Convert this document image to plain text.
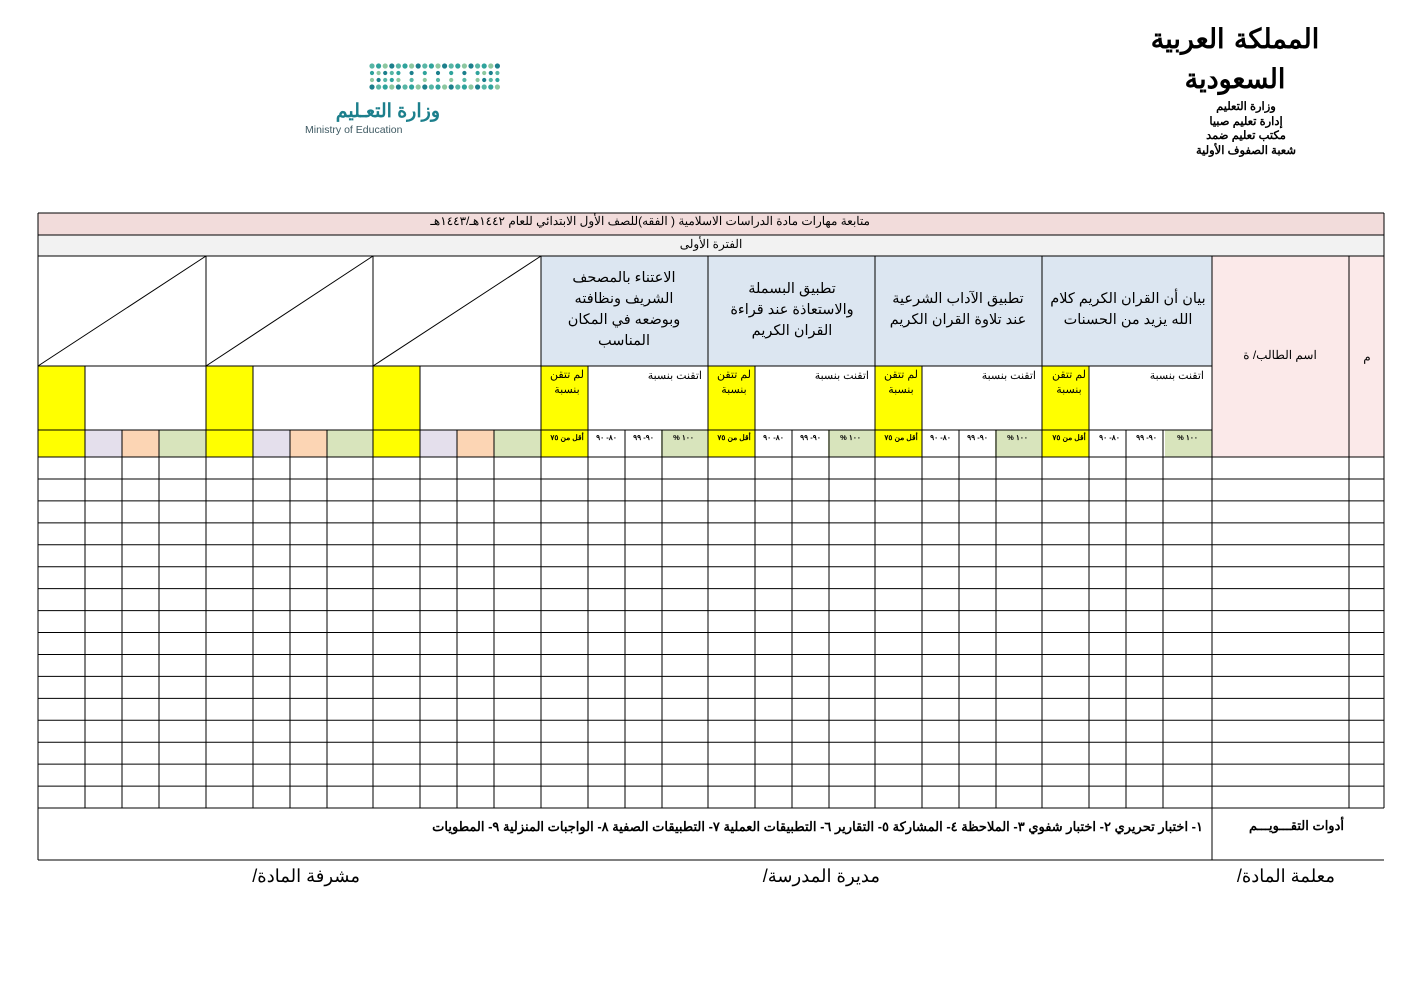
المملكة العربية السعودية
وزارة التعليم
إدارة تعليم صبيا
مكتب تعليم ضمد
شعبة الصفوف الأولية
وزارة التعـليم
Ministry of Education
متابعة مهارات مادة الدراسات الاسلامية ( الفقه)للصف الأول الابتدائي للعام ١٤٤٢هـ/١٤٤٣هـ
الفترة الأولى
م
اسم الطالب/ ة
بيان أن القران الكريم كلام الله يزيد من الحسنات
تطبيق الآداب الشرعية عند تلاوة القران الكريم
تطبيق البسملة والاستعاذة عند قراءة القران الكريم
الاعتناء بالمصحف الشريف ونظافته وبوضعه في المكان المناسب
اتقنت بنسبة
لم تتقن بنسبة
اتقنت بنسبة
لم تتقن بنسبة
اتقنت بنسبة
لم تتقن بنسبة
اتقنت بنسبة
لم تتقن بنسبة
١٠٠ %
٩٠- ٩٩
٨٠- ٩٠
أقل من ٧٥
١٠٠ %
٩٠- ٩٩
٨٠- ٩٠
أقل من ٧٥
١٠٠ %
٩٠- ٩٩
٨٠- ٩٠
أقل من ٧٥
١٠٠ %
٩٠- ٩٩
٨٠- ٩٠
أقل من ٧٥
أدوات التقـــويـــم
١- اختبار تحريري ٢- اختبار شفوي ٣- الملاحظة ٤- المشاركة ٥- التقارير ٦- التطبيقات العملية ٧- التطبيقات الصفية ٨- الواجبات المنزلية ٩- المطويات
معلمة المادة/
مديرة المدرسة/
مشرفة المادة/
